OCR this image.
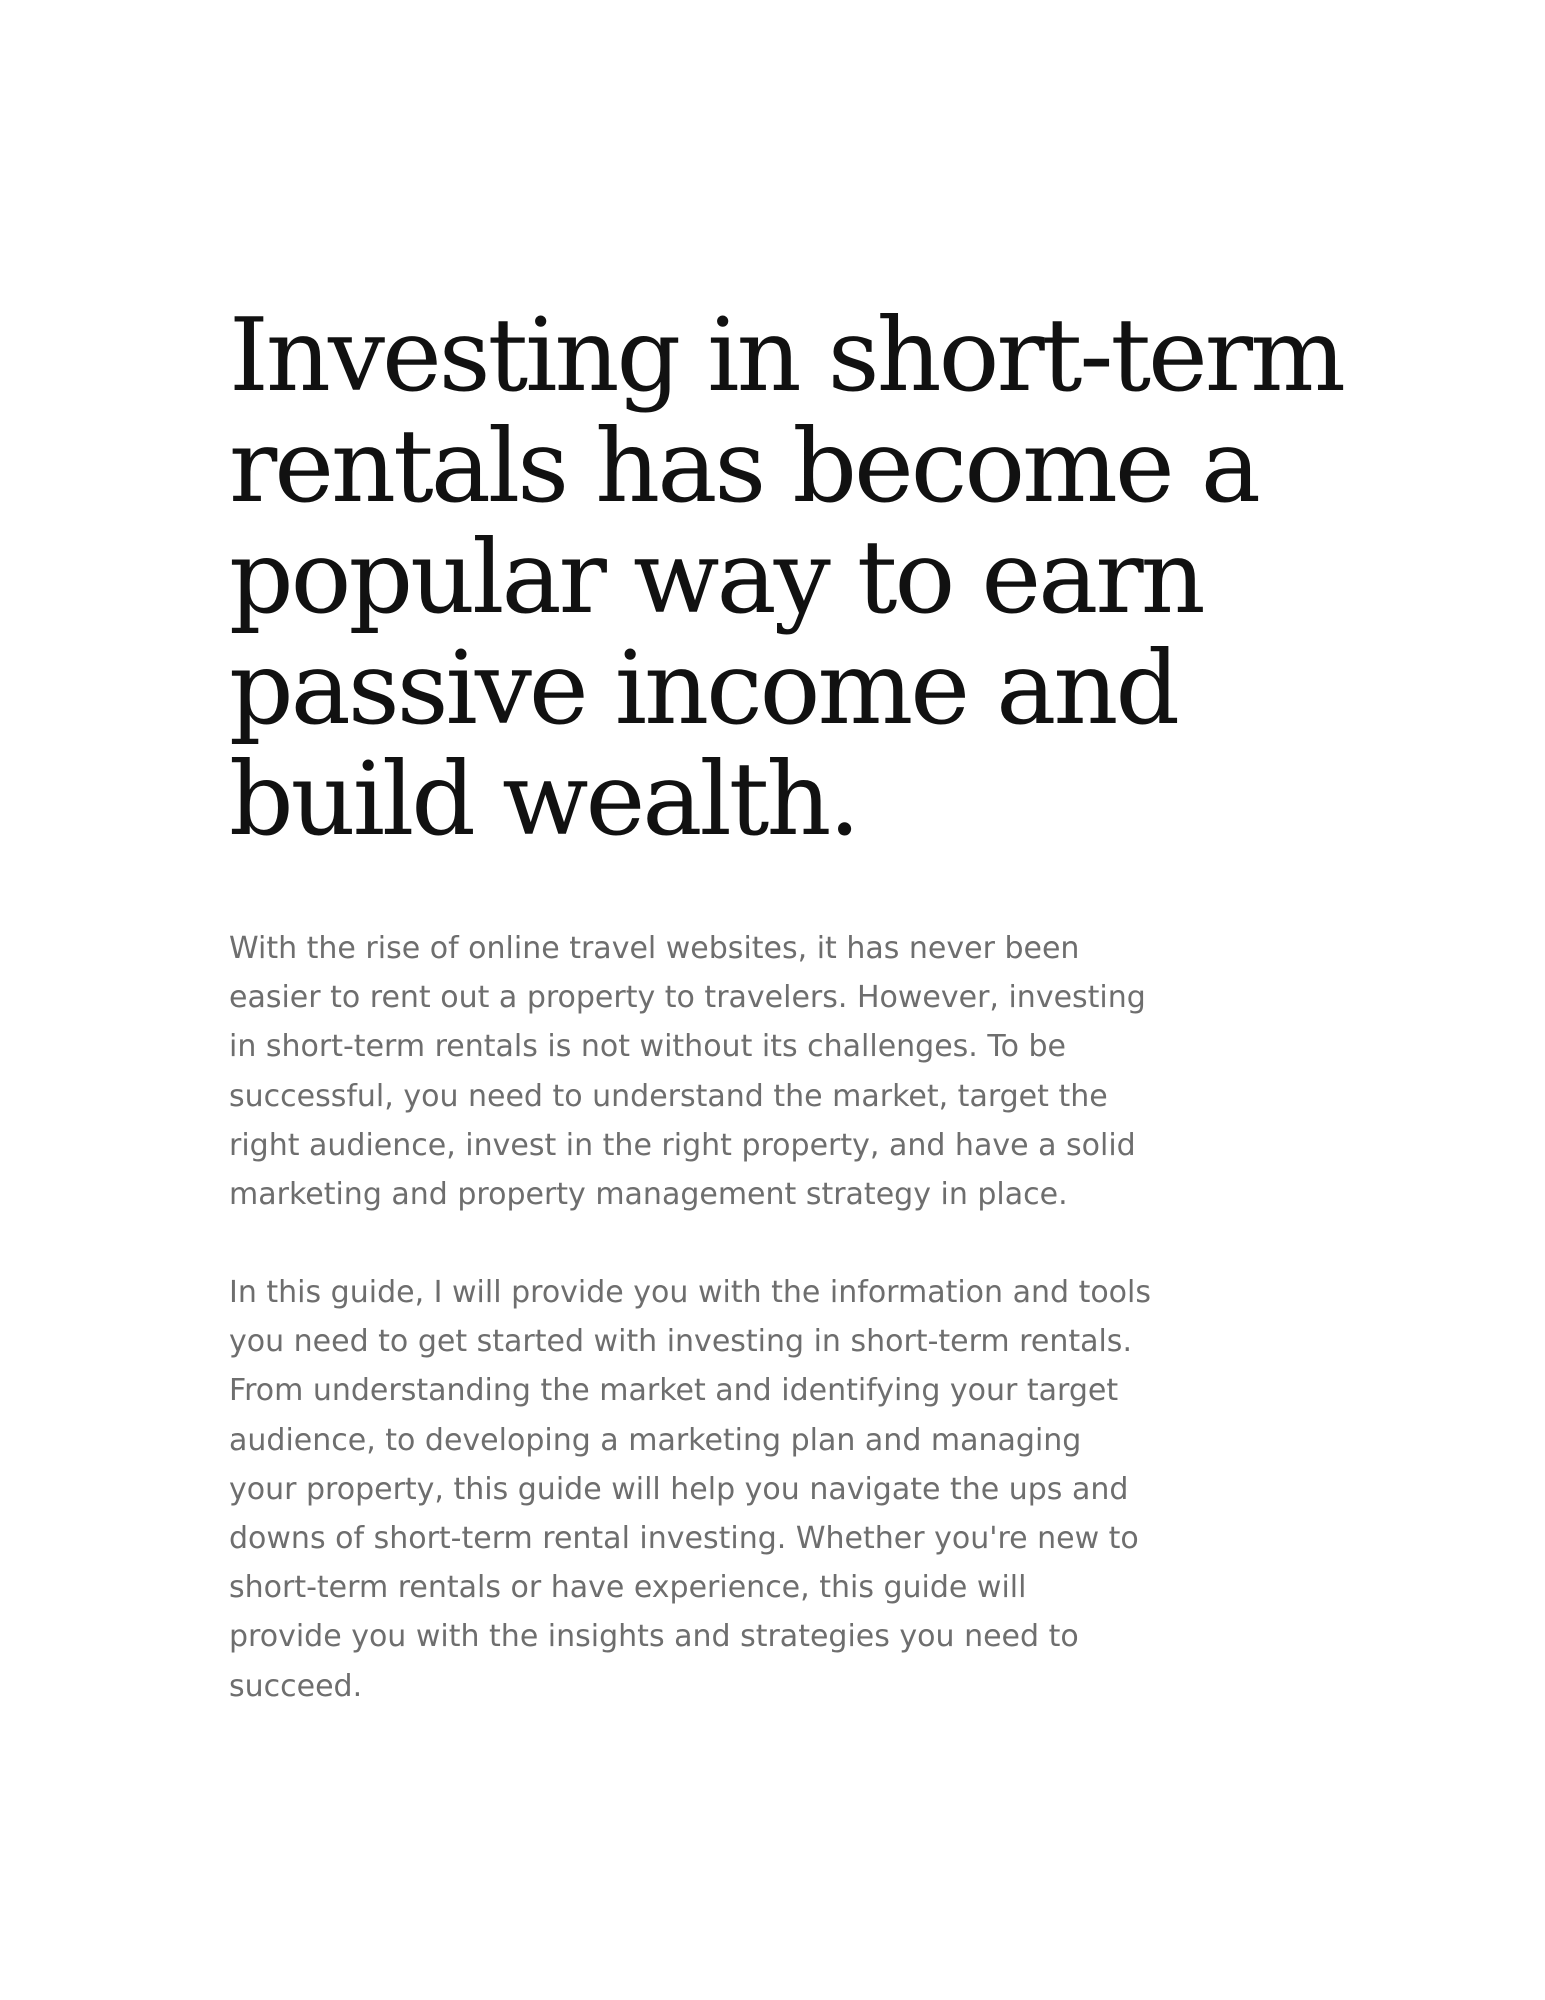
Investing in short-term
rentals has become a
popular way to earn
passive income and
build wealth.

With the rise of online travel websites, it has never been
easier to rent out a property to travelers. However, investing
in short-term rentals is not without its challenges. To be
successful, you need to understand the market, target the
right audience, invest in the right property, and have a solid
marketing and property management strategy in place.

In this guide, I will provide you with the information and tools
you need to get started with investing in short-term rentals.
From understanding the market and identifying your target
audience, to developing a marketing plan and managing
your property, this guide will help you navigate the ups and
downs of short-term rental investing. Whether you're new to
short-term rentals or have experience, this guide will
provide you with the insights and strategies you need to
succeed.
